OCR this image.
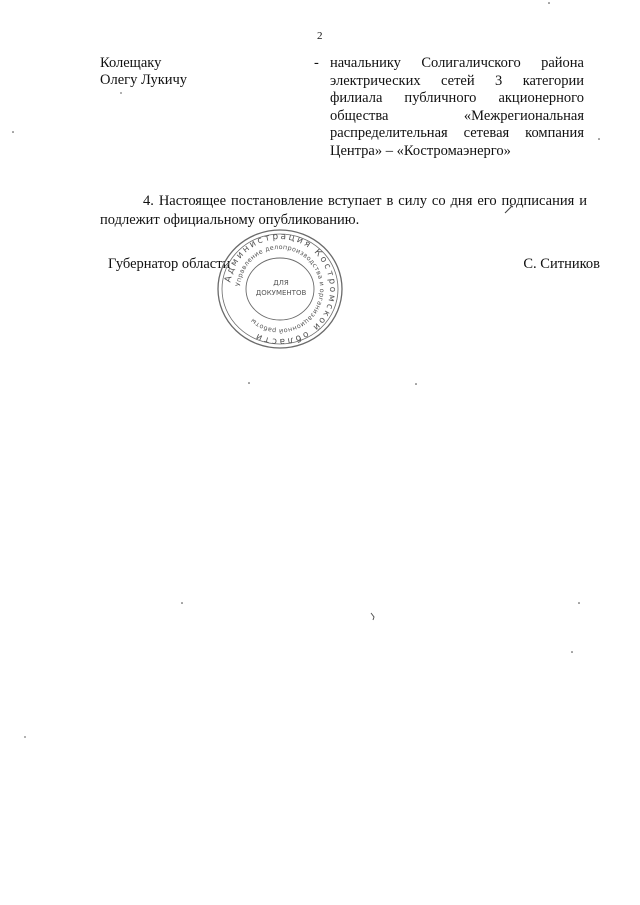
2
Колещаку
Олегу Лукичу
- начальнику Солигаличского района
электрических сетей 3 категории
филиала публичного акционерного
общества «Межрегиональная
распределительная сетевая компания
Центра» – «Костромаэнерго»

4. Настоящее постановление вступает в силу со дня его подписания и подлежит официальному опубликованию.

Губернатор области	С. Ситников
Администрация Костромской области
Управление делопроизводства и организационной работы
ДЛЯ
ДОКУМЕНТОВ
